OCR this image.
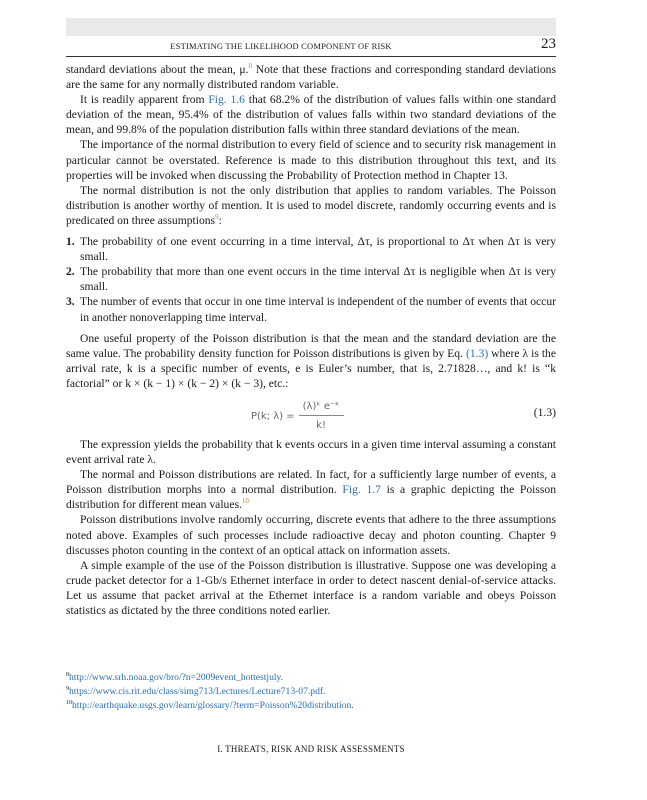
ESTIMATING THE LIKELIHOOD COMPONENT OF RISK	23

standard deviations about the mean, μ.$^8$ Note that these fractions and corresponding standard deviations are the same for any normally distributed random variable.

It is readily apparent from Fig. 1.6 that 68.2% of the distribution of values falls within one standard deviation of the mean, 95.4% of the distribution of values falls within two standard deviations of the mean, and 99.8% of the population distribution falls within three standard deviations of the mean.

The importance of the normal distribution to every field of science and to security risk management in particular cannot be overstated. Reference is made to this distribution throughout this text, and its properties will be invoked when discussing the Probability of Protection method in Chapter 13.

The normal distribution is not the only distribution that applies to random variables. The Poisson distribution is another worthy of mention. It is used to model discrete, randomly occurring events and is predicated on three assumptions$^9$:

1. The probability of one event occurring in a time interval, Δτ, is proportional to Δτ when Δτ is very small.
2. The probability that more than one event occurs in the time interval Δτ is negligible when Δτ is very small.
3. The number of events that occur in one time interval is independent of the number of events that occur in another nonoverlapping time interval.

One useful property of the Poisson distribution is that the mean and the standard deviation are the same value. The probability density function for Poisson distributions is given by Eq. (1.3) where λ is the arrival rate, k is a specific number of events, e is Euler’s number, that is, 2.71828…, and k! is “k factorial” or k × (k − 1) × (k − 2) × (k − 3), etc.:

P(k; $\lambda) = \frac{\text{(λ)ᵏ e⁻ᵏ}}{k!}$	(1.3)

The expression yields the probability that k events occurs in a given time interval assuming a constant event arrival rate λ.

The normal and Poisson distributions are related. In fact, for a sufficiently large number of events, a Poisson distribution morphs into a normal distribution. Fig. 1.7 is a graphic depicting the Poisson distribution for different mean values.$^{10}$

Poisson distributions involve randomly occurring, discrete events that adhere to the three assumptions noted above. Examples of such processes include radioactive decay and photon counting. Chapter 9 discusses photon counting in the context of an optical attack on information assets.

A simple example of the use of the Poisson distribution is illustrative. Suppose one was developing a crude packet detector for a 1-Gb/s Ethernet interface in order to detect nascent denial-of-service attacks. Let us assume that packet arrival at the Ethernet interface is a random variable and obeys Poisson statistics as dictated by the three conditions noted earlier.

$^8$http://www.srh.noaa.gov/bro/?n=2009event_hottestjuly.
$^9$https://www.cis.rit.edu/class/simg713/Lectures/Lecture713-07.pdf.
$^{10}$http://earthquake.usgs.gov/learn/glossary/?term=Poisson%20distribution.
I. THREATS, RISK AND RISK ASSESSMENTS
